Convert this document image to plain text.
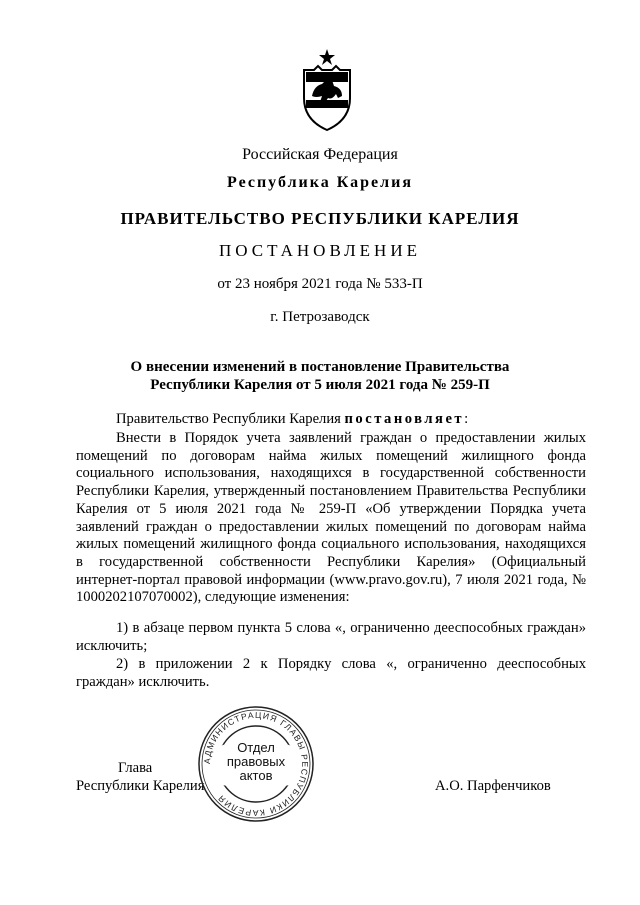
Российская Федерация
Республика Карелия
ПРАВИТЕЛЬСТВО РЕСПУБЛИКИ КАРЕЛИЯ
ПОСТАНОВЛЕНИЕ
от 23 ноября 2021 года № 533-П
г. Петрозаводск
О внесении изменений в постановление Правительства
Республики Карелия от 5 июля 2021 года № 259-П
Правительство Республики Карелия постановляет:
Внести в Порядок учета заявлений граждан о предоставлении жилых помещений по договорам найма жилых помещений жилищного фонда социального использования, находящихся в государственной собственности Республики Карелия, утвержденный постановлением Правительства Республики Карелия от 5 июля 2021 года № 259-П «Об утверждении Порядка учета заявлений граждан о предоставлении жилых помещений по договорам найма жилых помещений жилищного фонда социального использования, находящихся в государственной собственности Республики Карелия» (Официальный интернет-портал правовой информации (www.pravo.gov.ru), 7 июля 2021 года, № 1000202107070002), следующие изменения:
1) в абзаце первом пункта 5 слова «, ограниченно дееспособных граждан» исключить;
2) в приложении 2 к Порядку слова «, ограниченно дееспособных граждан» исключить.
Глава
Республики Карелия	А.О. Парфенчиков
АДМИНИСТРАЦИЯ ГЛАВЫ РЕСПУБЛИКИ КАРЕЛИЯ
Отдел
правовых
актов
